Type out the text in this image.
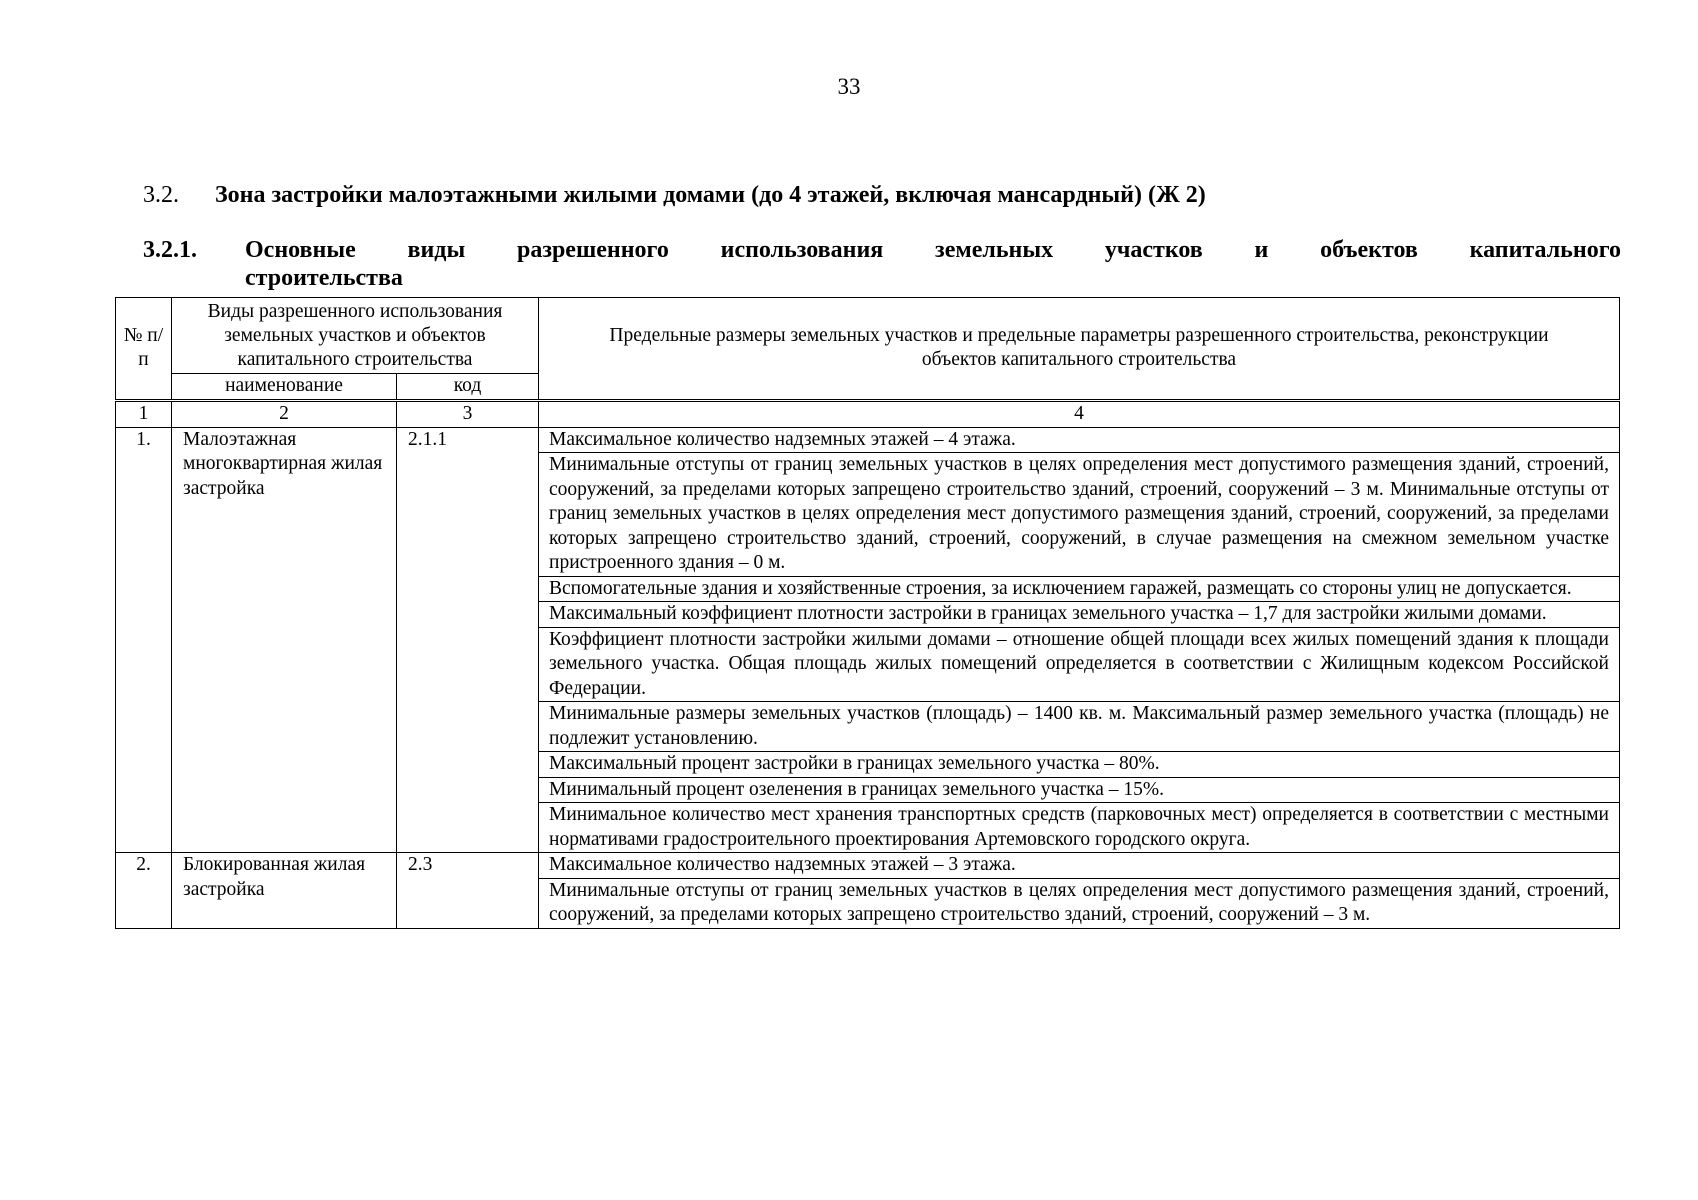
33
3.2. Зона застройки малоэтажными жилыми домами (до 4 этажей, включая мансардный) (Ж 2)
3.2.1. Основные виды разрешенного использования земельных участков и объектов капитального
строительства
№ п/п	Виды разрешенного использования земельных участков и объектов капитального строительства		Предельные размеры земельных участков и предельные параметры разрешенного строительства, реконструкции объектов капитального строительства
	наименование	код	
1	2	3	4
1.	Малоэтажная многоквартирная жилая застройка	2.1.1	Максимальное количество надземных этажей – 4 этажа.
			Минимальные отступы от границ земельных участков в целях определения мест допустимого размещения зданий, строений, сооружений, за пределами которых запрещено строительство зданий, строений, сооружений – 3 м. Минимальные отступы от границ земельных участков в целях определения мест допустимого размещения зданий, строений, сооружений, за пределами которых запрещено строительство зданий, строений, сооружений, в случае размещения на смежном земельном участке пристроенного здания – 0 м.
			Вспомогательные здания и хозяйственные строения, за исключением гаражей, размещать со стороны улиц не допускается.
			Максимальный коэффициент плотности застройки в границах земельного участка – 1,7 для застройки жилыми домами.
			Коэффициент плотности застройки жилыми домами – отношение общей площади всех жилых помещений здания к площади земельного участка. Общая площадь жилых помещений определяется в соответствии с Жилищным кодексом Российской Федерации.
			Минимальные размеры земельных участков (площадь) – 1400 кв. м. Максимальный размер земельного участка (площадь) не подлежит установлению.
			Максимальный процент застройки в границах земельного участка – 80%.
			Минимальный процент озеленения в границах земельного участка – 15%.
			Минимальное количество мест хранения транспортных средств (парковочных мест) определяется в соответствии с местными нормативами градостроительного проектирования Артемовского городского округа.
2.	Блокированная жилая застройка	2.3	Максимальное количество надземных этажей – 3 этажа.
			Минимальные отступы от границ земельных участков в целях определения мест допустимого размещения зданий, строений, сооружений, за пределами которых запрещено строительство зданий, строений, сооружений – 3 м.
